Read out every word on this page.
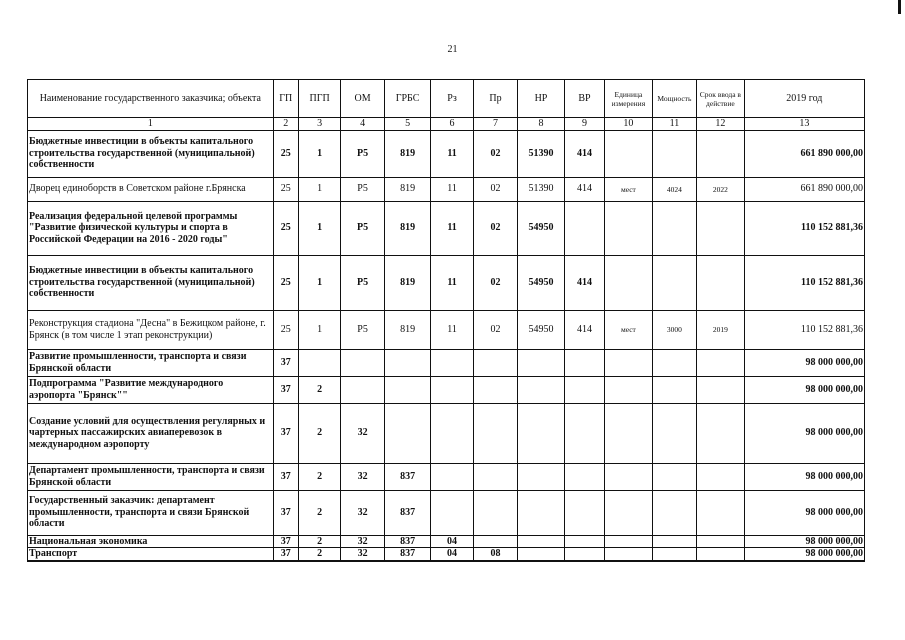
21
Наименование государственного заказчика; объекта	ГП	ПГП	ОМ	ГРБС	Рз	Пр	НР	ВР	Единица измерения	Мощность	Срок ввода в действие	2019 год
1	2	3	4	5	6	7	8	9	10	11	12	13
Бюджетные инвестиции в объекты капитального строительства государственной (муниципальной) собственности	25	1	P5	819	11	02	51390	414				661 890 000,00
Дворец единоборств в Советском районе г.Брянска	25	1	P5	819	11	02	51390	414	мест	4024	2022	661 890 000,00
Реализация федеральной целевой программы "Развитие физической культуры и спорта в Российской Федерации на 2016 - 2020 годы"	25	1	P5	819	11	02	54950					110 152 881,36
Бюджетные инвестиции в объекты капитального строительства государственной (муниципальной) собственности	25	1	P5	819	11	02	54950	414				110 152 881,36
Реконструкция стадиона "Десна" в Бежицком районе, г. Брянск (в том числе 1 этап реконструкции)	25	1	P5	819	11	02	54950	414	мест	3000	2019	110 152 881,36
Развитие промышленности, транспорта и связи Брянской области	37											98 000 000,00
Подпрограмма "Развитие международного аэропорта "Брянск""	37	2										98 000 000,00
Создание условий для осуществления регулярных и чартерных пассажирских авиаперевозок в международном аэропорту	37	2	32									98 000 000,00
Департамент промышленности, транспорта и связи Брянской области	37	2	32	837								98 000 000,00
Государственный заказчик: департамент промышленности, транспорта и связи Брянской области	37	2	32	837								98 000 000,00
Национальная экономика	37	2	32	837	04							98 000 000,00
Транспорт	37	2	32	837	04	08						98 000 000,00
